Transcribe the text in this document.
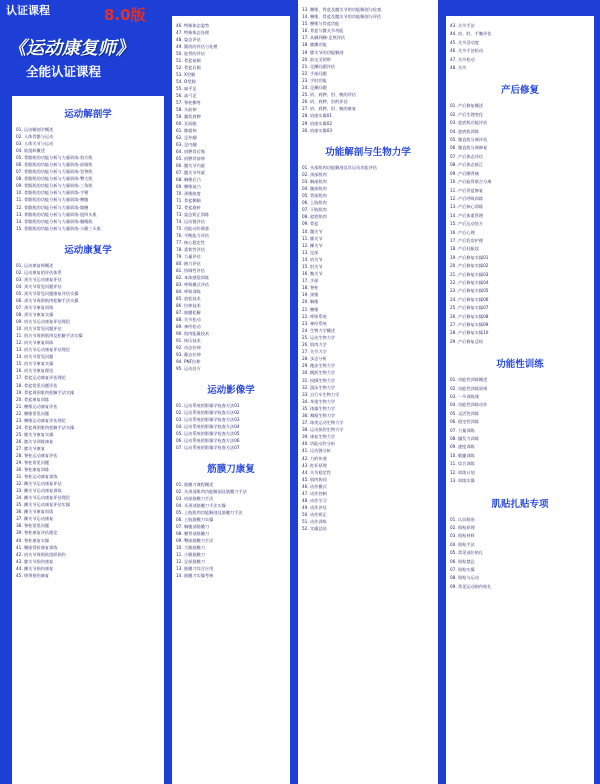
认证课程	8.0版
《运动康复师》
全能认证课程
运动解剖学
01. 运动解剖学概述
02. 人体骨骼与运动
03. 人体关节与运动
04. 软组织概述
05. 骨骼肌的功能分析与力量训练-斜方肌
06. 骨骼肌的功能分析与力量训练-前锯肌
07. 骨骼肌的功能分析与力量训练-竖脊肌
08. 骨骼肌的功能分析与力量训练-臀大肌
09. 骨骼肌的功能分析与力量训练-三角肌
10. 骨骼肌的功能分析与力量训练-手臂
11. 骨骼肌的功能分析与力量训练-腰腹
12. 骨骼肌的功能分析与力量训练-髂腰
13. 骨骼肌的功能分析与力量训练-股四头肌
14. 骨骼肌的功能分析与力量训练-腘绳肌
15. 骨骼肌的功能分析与力量训练-小腿三头肌
运动康复学
01. 运动康复师概述
02. 运动康复的评估体系
03. 颈关节运动康复评估
04. 颈关节常见问题评估
05. 颈关节常见问题康复评估实操
06. 颈关节周围肌肉松解手法实操
07. 颈关节康复训练
08. 颈关节康复实操
09. 肩关节运动康复评估理论
10. 肩关节常见问题评估
11. 肩关节周围肌肉及松解手法实操
12. 肩关节康复训练
13. 肩关节运动康复评估理论
14. 肩关节常见问题
15. 肩关节康复实操
16. 肩关节康复理论
17. 骨盆运动康复评估理论
18. 骨盆常见问题评估
19. 骨盆周围肌肉松解手法实操
20. 骨盆康复训练
21. 腰椎运动康复评估
22. 腰椎常见问题
23. 腰椎运动康复评估理论
24. 骨盆周围肌肉松解手法实操
25. 膝关节康复实操
26. 膝关节训练康复
27. 膝关节康复
28. 脊柱运动康复评估
29. 脊柱常见问题
30. 脊柱康复训练
31. 脊柱运动康复训练
32. 踝关节运动康复评估
33. 踝关节运动康复训练
34. 踝关节运动康复评估理论
35. 踝关节运动康复评估实操
36. 踝关节康复训练
37. 踝关节运动康复
38. 脊柱常见问题
39. 脊柱康复评估理论
40. 脊柱康复实操
41. 腰部骨折康复训练
42. 肩关节周围软组织损伤
43. 膝关节损伤康复
44. 踝关节损伤康复
45. 韧带损伤康复
46. 特殊体态姿势
47. 特殊体态处理
48. 姿态评估
49. 圆肩的评估与处理
50. 驼背的评估
51. 骨盆前倾
52. 骨盆后倾
53. X型腿
54. O型腿
55. 扁平足
56. 高弓足
57. 脊柱侧弯
58. 头前伸
59. 翼状肩胛
60. 长短腿
61. 膝超伸
62. 足外翻
63. 足内翻
64. 肩胛骨后缩
65. 肩胛骨前伸
66. 髋关节内旋
67. 髋关节外旋
68. 胸椎后凸
69. 腰椎前凸
70. 颈椎曲度
71. 骨盆侧倾
72. 骨盆旋转
73. 姿态矫正训练
74. 运动链评估
75. 功能动作筛查
76. 平衡能力评估
77. 核心稳定性
78. 柔韧性评估
79. 力量评估
80. 耐力评估
81. 协调性评估
82. 本体感觉训练
83. 呼吸模式评估
84. 呼吸训练
85. 放松技术
86. 拉伸技术
87. 筋膜松解
88. 关节松动
89. 神经松动
90. 肌肉能量技术
91. 按压技术
92. 动态拉伸
93. 静态拉伸
94. PNF拉伸
95. 运动处方
运动影像学
01. 运动系统的影像学检查方法01
02. 运动系统的影像学检查方法02
03. 运动系统的影像学检查方法03
04. 运动系统的影像学检查方法04
05. 运动系统的影像学检查方法05
06. 运动系统的影像学检查方法06
07. 运动系统的影像学检查方法07
筋膜刀康复
01. 筋膜刀课程概述
02. 头颈部肌肉功能解剖及筋膜刀手法
03. 肩部筋膜刀手法
04. 头颈部筋膜刀手法实操
05. 上肢肌肉功能解剖及筋膜刀手法
06. 上肢筋膜刀实操
07. 胸腹部筋膜刀
08. 腰背部筋膜刀
09. 臀部筋膜刀手法
10. 大腿筋膜刀
11. 小腿筋膜刀
12. 足部筋膜刀
13. 筋膜刀综合应用
14. 筋膜刀实操考核
13. 腰椎、骨盆及髋关节的功能解剖与检查
14. 腰椎、骨盆及髋关节的功能解剖与评估
15. 腰椎与骨盆功能
16. 骨盆与髋关节功能
17. 从脚到踝-足底评估
18. 膝踝功能
19. 膝关节的功能解剖
20. 前交叉韧带
21. 足踝问题评估
22. 手部问题
23. 手肘功能
24. 足踝问题
25. 肩、肩胛、肘、腕的评估
26. 肩、肩胛、肘的评估
27. 肩、肩胛、肘、腕的康复
28. 肩部实操01
29. 肩部实操02
30. 肩部实操03
功能解剖与生物力学
01. 头部肌肉功能解剖及其运动功能评估
02. 颈部肌肉
03. 胸部肌肉
04. 腹部肌肉
05. 背部肌肉
06. 上肢肌肉
07. 下肢肌肉
08. 盆底肌肉
09. 骨盆
10. 髋关节
11. 膝关节
12. 踝关节
13. 足部
14. 肩关节
15. 肘关节
16. 腕关节
17. 手部
18. 脊柱
19. 颈椎
20. 胸椎
21. 腰椎
22. 呼吸系统
23. 神经系统
24. 生物力学概述
25. 运动生物力学
26. 肌肉力学
27. 关节力学
28. 步态分析
29. 跑步生物力学
30. 跳跃生物力学
31. 投掷生物力学
32. 游泳生物力学
33. 自行车生物力学
34. 举重生物力学
35. 体操生物力学
36. 舞蹈生物力学
37. 球类运动生物力学
38. 运动损伤生物力学
39. 康复生物力学
40. 功能动作分析
41. 运动链分析
42. 力的传递
43. 杠杆原理
44. 关节稳定性
45. 肌肉协同
46. 动作模式
47. 动作控制
48. 动作学习
49. 动作评估
50. 动作矫正
51. 动作训练
52. 实操总结
43. 关节手法
44. 肩、肘、手腕评估
45. 关节活动度
46. 关节手法松动
47. 关节松动
48. 关节
产后修复
01. 产后修复概述
02. 产后生理变化
03. 盆底肌功能评估
04. 盆底肌训练
05. 腹直肌分离评估
06. 腹直肌分离修复
07. 产后体态评估
08. 产后体态矫正
09. 产后腰背痛
10. 产后耻骨联合分离
11. 产后骨盆修复
12. 产后呼吸训练
13. 产后核心训练
14. 产后体重管理
15. 产后运动处方
16. 产后心理
17. 产后乳房护理
18. 产后妊娠纹
19. 产后修复实操01
20. 产后修复实操02
21. 产后修复实操03
22. 产后修复实操04
23. 产后修复实操05
24. 产后修复实操06
25. 产后修复实操07
26. 产后修复实操08
27. 产后修复实操09
28. 产后修复实操10
29. 产后修复总结
功能性训练
01. 功能性训练概述
02. 功能性训练原则
03. 一节训练课
04. 功能性训练动作
05. 灵活性训练
06. 稳定性训练
07. 力量训练
08. 爆发力训练
09. 速度训练
10. 敏捷训练
11. 综合训练
12. 训练计划
13. 训练实操
肌贴扎贴专项
01. 认识肌贴
02. 肌贴原理
03. 肌贴材料
04. 肌贴手法
05. 常见部位贴扎
06. 肌贴禁忌
07. 肌贴实操
08. 肌贴与运动
09. 常见运动损伤贴扎
